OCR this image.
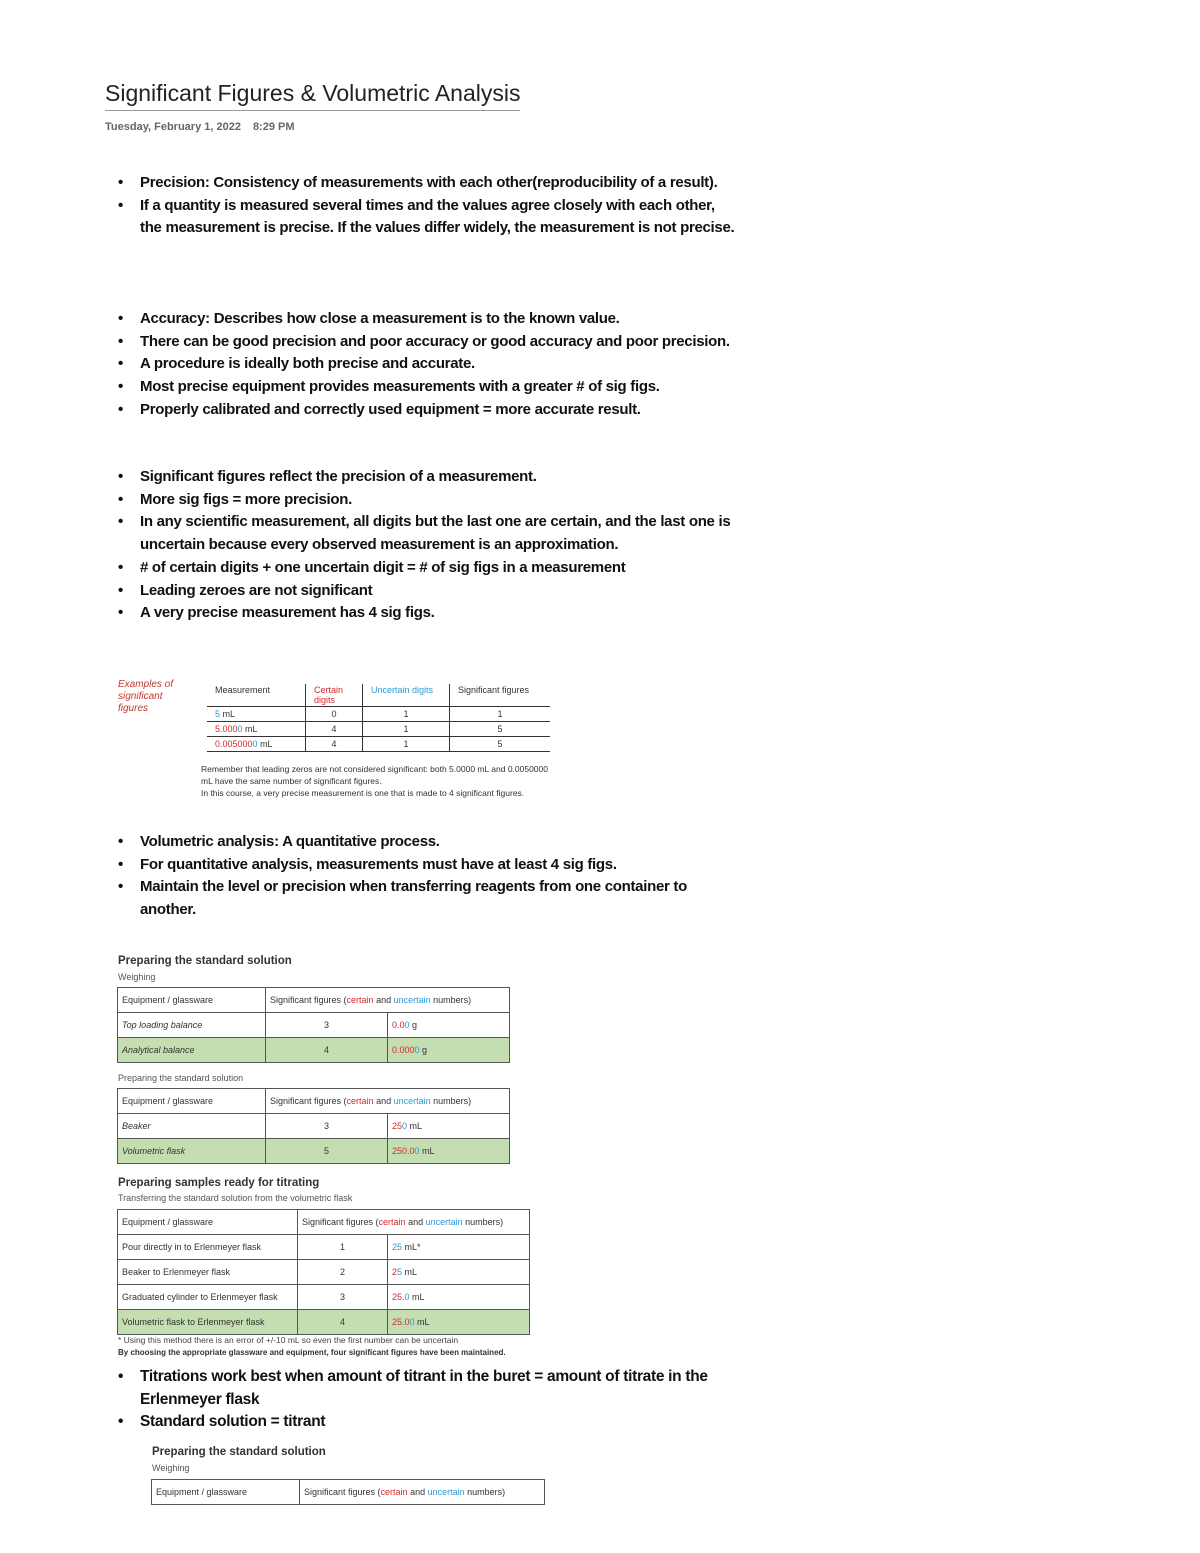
Significant Figures & Volumetric Analysis
Tuesday, February 1, 2022 8:29 PM
• Precision: Consistency of measurements with each other(reproducibility of a result).
• If a quantity is measured several times and the values agree closely with each other, the measurement is precise. If the values differ widely, the measurement is not precise.
• Accuracy: Describes how close a measurement is to the known value.
• There can be good precision and poor accuracy or good accuracy and poor precision.
• A procedure is ideally both precise and accurate.
• Most precise equipment provides measurements with a greater # of sig figs.
• Properly calibrated and correctly used equipment = more accurate result.
• Significant figures reflect the precision of a measurement.
• More sig figs = more precision.
• In any scientific measurement, all digits but the last one are certain, and the last one is uncertain because every observed measurement is an approximation.
• # of certain digits + one uncertain digit = # of sig figs in a measurement
• Leading zeroes are not significant
• A very precise measurement has 4 sig figs.
Examples of significant figures
Measurement	Certain digits	Uncertain digits	Significant figures
5 mL	0	1	1
5.0000 mL	4	1	5
0.0050000 mL	4	1	5

Remember that leading zeros are not considered significant: both 5.0000 mL and 0.0050000 mL have the same number of significant figures.

In this course, a very precise measurement is one that is made to 4 significant figures.

• Volumetric analysis: A quantitative process.
• For quantitative analysis, measurements must have at least 4 sig figs.
• Maintain the level or precision when transferring reagents from one container to another.
Preparing the standard solution
Weighing
Equipment / glassware	Significant figures (certain and uncertain numbers)	
Top loading balance	3	0.00 g
Analytical balance	4	0.0000 g
Preparing the standard solution
Equipment / glassware	Significant figures (certain and uncertain numbers)	
Beaker	3	250 mL
Volumetric flask	5	250.00 mL
Preparing samples ready for titrating
Transferring the standard solution from the volumetric flask
Equipment / glassware	Significant figures (certain and uncertain numbers)	
Pour directly in to Erlenmeyer flask	1	25 mL*
Beaker to Erlenmeyer flask	2	25 mL
Graduated cylinder to Erlenmeyer flask	3	25.0 mL
Volumetric flask to Erlenmeyer flask	4	25.00 mL
* Using this method there is an error of +/-10 mL so even the first number can be uncertain
By choosing the appropriate glassware and equipment, four significant figures have been maintained.
• Titrations work best when amount of titrant in the buret = amount of titrate in the Erlenmeyer flask
• Standard solution = titrant
Preparing the standard solution
Weighing
Equipment / glassware	Significant figures (certain and uncertain numbers)
